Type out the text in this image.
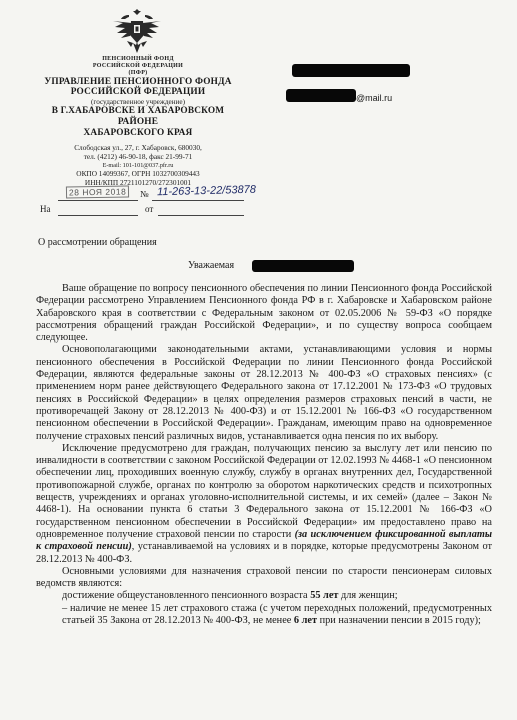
ПЕНСИОННЫЙ ФОНД
РОССИЙСКОЙ ФЕДЕРАЦИИ
(ПФР)
УПРАВЛЕНИЕ ПЕНСИОННОГО ФОНДА
РОССИЙСКОЙ ФЕДЕРАЦИИ
(государственное учреждение)
В Г.ХАБАРОВСКЕ И ХАБАРОВСКОМ РАЙОНЕ
ХАБАРОВСКОГО КРАЯ
Слободская ул., 27, г. Хабаровск, 680030,
тел. (4212) 46-90-18, факс 21-99-71
E-mail: 101-101@037.pfr.ru
ОКПО 14099367, ОГРН 1032700309443
ИНН/КПП 2721101270/272301001
28 НОЯ 2018	№ 11-263-13-22/53878
На	от
@mail.ru
О рассмотрении обращения
Уважаемая

Ваше обращение по вопросу пенсионного обеспечения по линии Пенсионного фонда Российской Федерации рассмотрено Управлением Пенсионного фонда РФ в г. Хабаровске и Хабаровском районе Хабаровского края в соответствии с Федеральным законом от 02.05.2006 № 59-ФЗ «О порядке рассмотрения обращений граждан Российской Федерации», и по существу вопроса сообщаем следующее.

Основополагающими законодательными актами, устанавливающими условия и нормы пенсионного обеспечения в Российской Федерации по линии Пенсионного фонда Российской Федерации, являются федеральные законы от 28.12.2013 № 400-ФЗ «О страховых пенсиях» (с применением норм ранее действующего Федерального закона от 17.12.2001 № 173-ФЗ «О трудовых пенсиях в Российской Федерации» в целях определения размеров страховых пенсий в части, не противоречащей Закону от 28.12.2013 № 400-ФЗ) и от 15.12.2001 № 166-ФЗ «О государственном пенсионном обеспечении в Российской Федерации». Гражданам, имеющим право на одновременное получение страховых пенсий различных видов, устанавливается одна пенсия по их выбору.

Исключение предусмотрено для граждан, получающих пенсию за выслугу лет или пенсию по инвалидности в соответствии с законом Российской Федерации от 12.02.1993 № 4468-1 «О пенсионном обеспечении лиц, проходивших военную службу, службу в органах внутренних дел, Государственной противопожарной службе, органах по контролю за оборотом наркотических средств и психотропных веществ, учреждениях и органах уголовно-исполнительной системы, и их семей» (далее – Закон № 4468-1). На основании пункта 6 статьи 3 Федерального закона от 15.12.2001 № 166-ФЗ «О государственном пенсионном обеспечении в Российской Федерации» им предоставлено право на одновременное получение страховой пенсии по старости (за исключением фиксированной выплаты к страховой пенсии), устанавливаемой на условиях и в порядке, которые предусмотрены Законом от 28.12.2013 № 400-ФЗ.

Основными условиями для назначения страховой пенсии по старости пенсионерам силовых ведомств являются:

достижение общеустановленного пенсионного возраста 55 лет для женщин;

– наличие не менее 15 лет страхового стажа (с учетом переходных положений, предусмотренных статьей 35 Закона от 28.12.2013 № 400-ФЗ, не менее 6 лет при назначении пенсии в 2015 году);
